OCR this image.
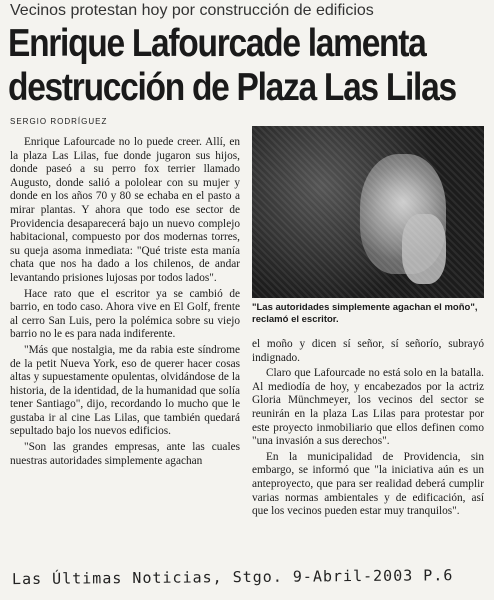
Vecinos protestan hoy por construcción de edificios
Enrique Lafourcade lamenta
destrucción de Plaza Las Lilas
SERGIO RODRÍGUEZ

Enrique Lafourcade no lo puede creer. Allí, en la plaza Las Lilas, fue donde jugaron sus hijos, donde paseó a su perro fox terrier llamado Augusto, donde salió a pololear con su mujer y donde en los años 70 y 80 se echaba en el pasto a mirar plantas. Y ahora que todo ese sector de Providencia desaparecerá bajo un nuevo complejo habitacional, compuesto por dos modernas torres, su queja asoma inmediata: "Qué triste esta manía chata que nos ha dado a los chilenos, de andar levantando prisiones lujosas por todos lados".

Hace rato que el escritor ya se cambió de barrio, en todo caso. Ahora vive en El Golf, frente al cerro San Luis, pero la polémica sobre su viejo barrio no le es para nada indiferente.

"Más que nostalgia, me da rabia este síndrome de la petit Nueva York, eso de querer hacer cosas altas y supuestamente opulentas, olvidándose de la historia, de la identidad, de la humanidad que solía tener Santiago", dijo, recordando lo mucho que le gustaba ir al cine Las Lilas, que también quedará sepultado bajo los nuevos edificios.

"Son las grandes empresas, ante las cuales nuestras autoridades simplemente agachan

"Las autoridades simplemente agachan el moño", reclamó el escritor.

el moño y dicen sí señor, sí señorío, subrayó indignado.

Claro que Lafourcade no está solo en la batalla. Al mediodía de hoy, y encabezados por la actriz Gloria Münchmeyer, los vecinos del sector se reunirán en la plaza Las Lilas para protestar por este proyecto inmobiliario que ellos definen como "una invasión a sus derechos".

En la municipalidad de Providencia, sin embargo, se informó que "la iniciativa aún es un anteproyecto, que para ser realidad deberá cumplir varias normas ambientales y de edificación, así que los vecinos pueden estar muy tranquilos".

Las Últimas Noticias, Stgo. 9-Abril-2003 P.6
